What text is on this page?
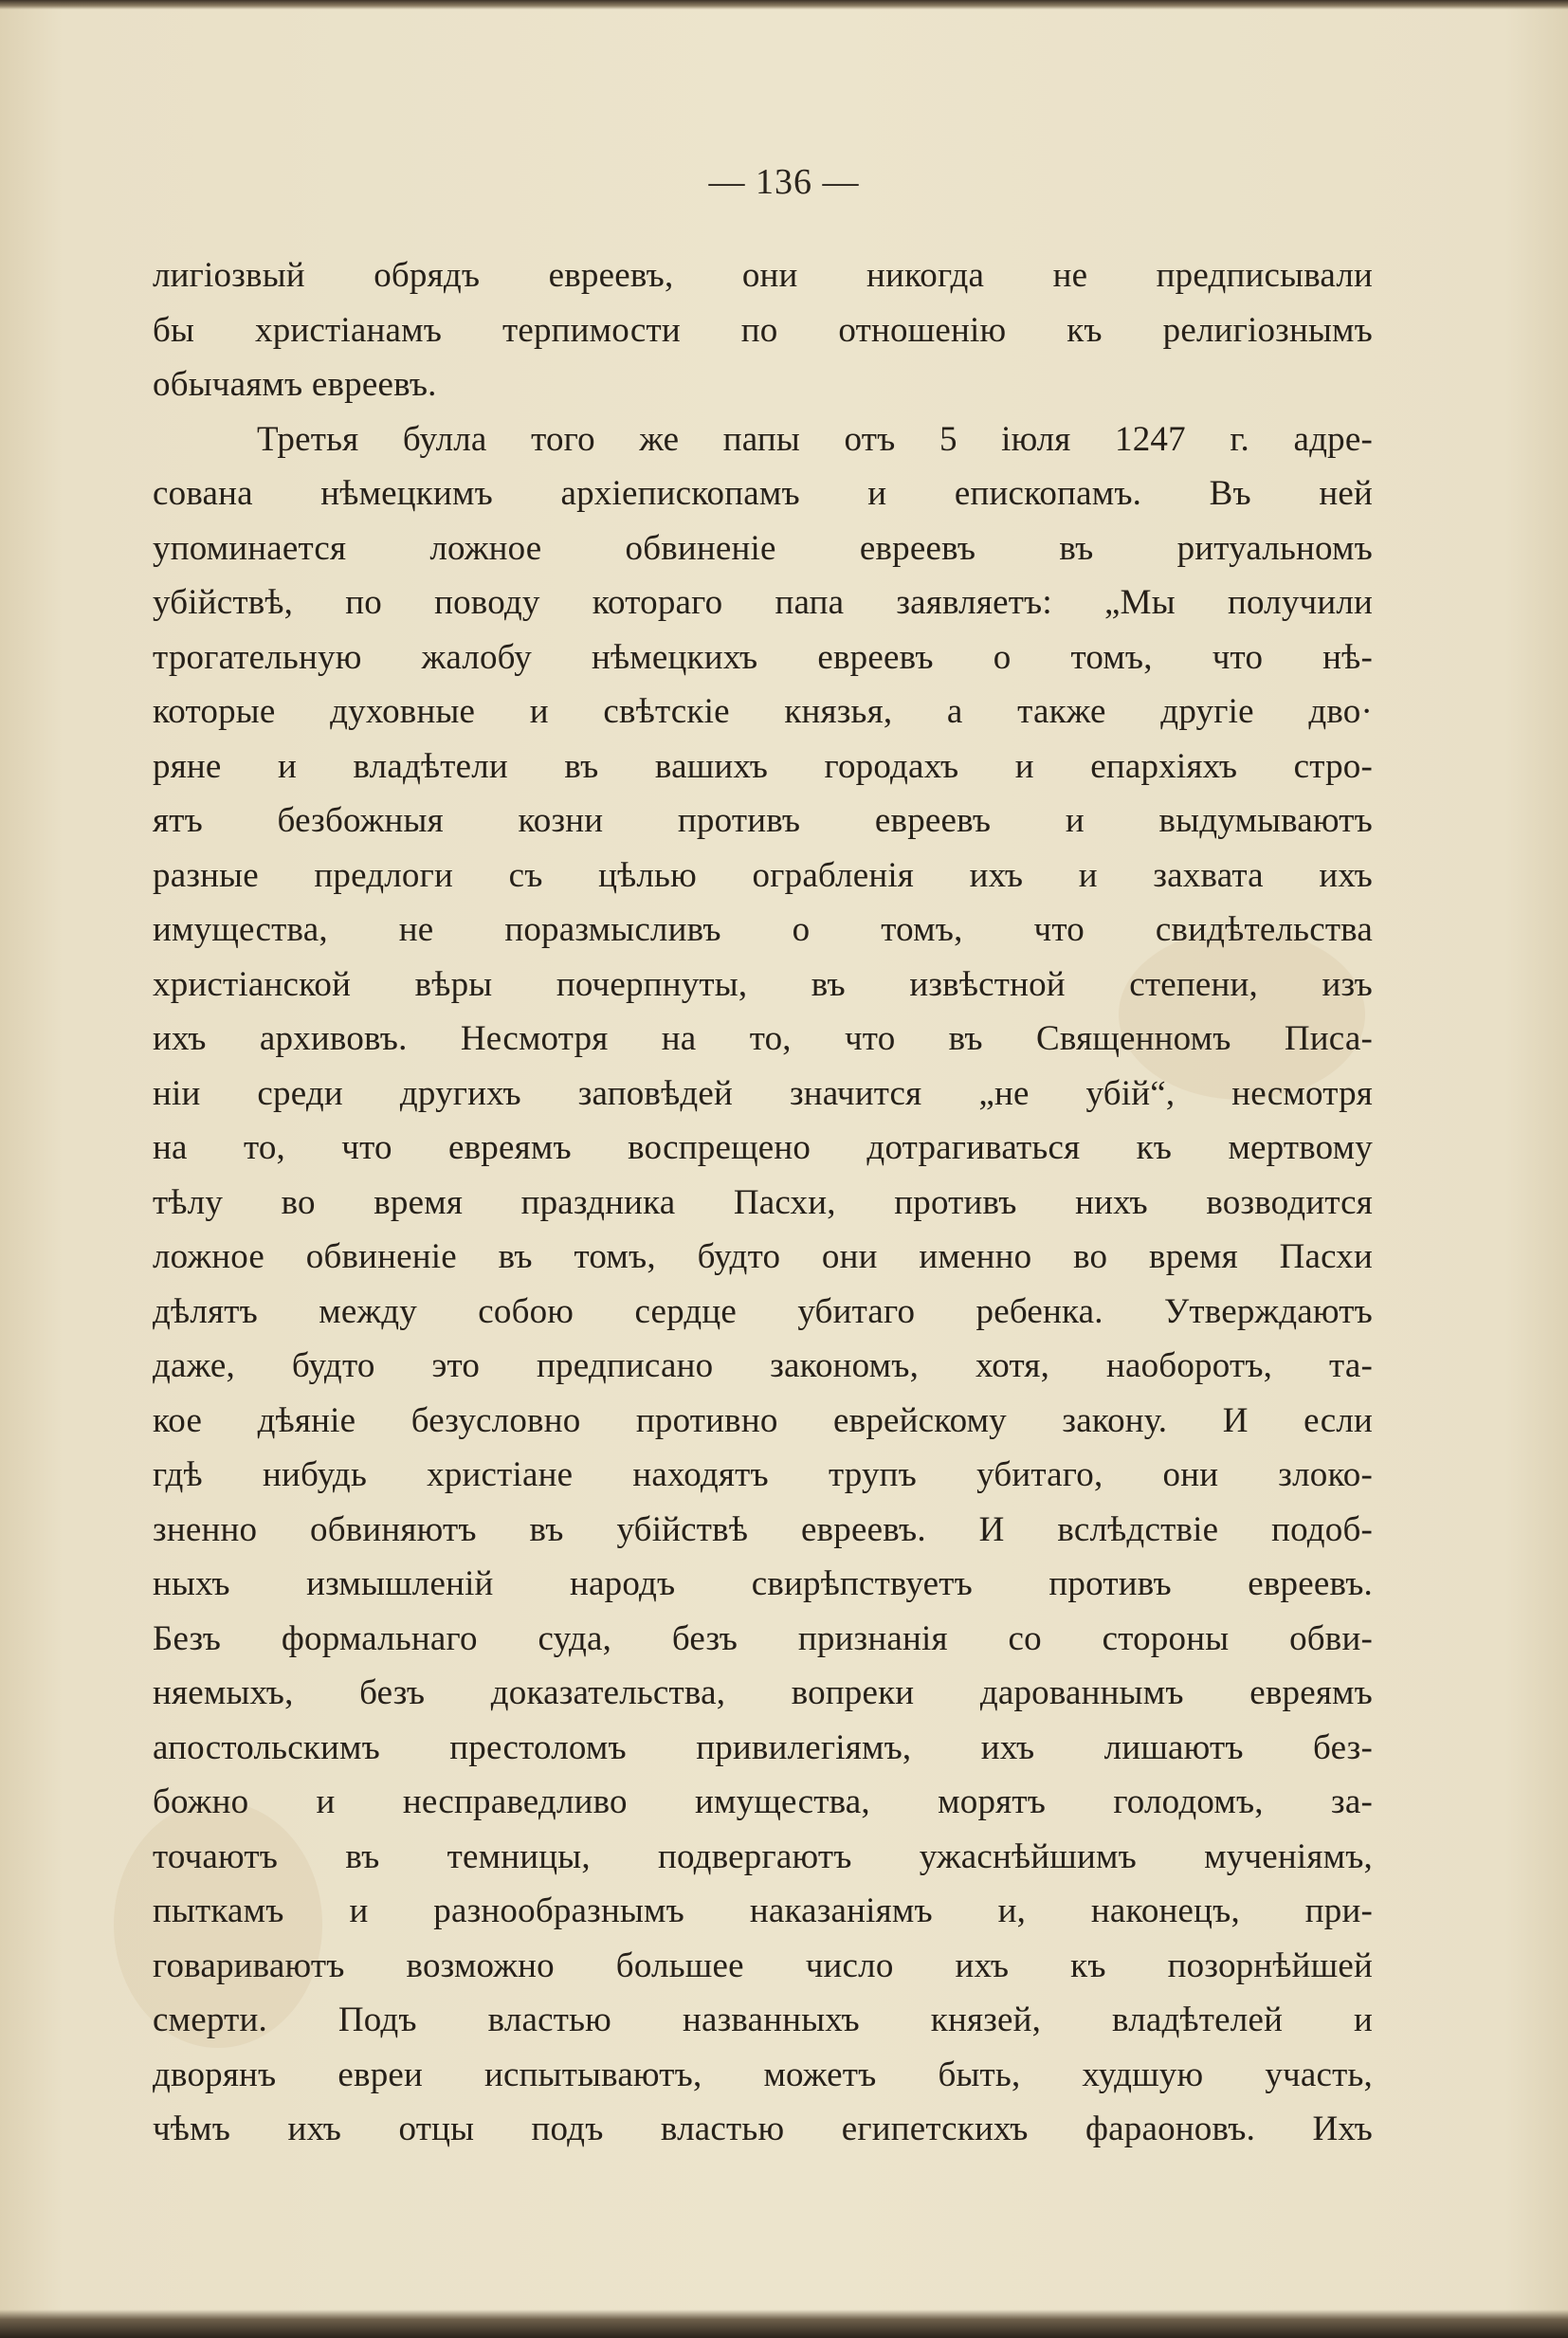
— 136 —
лигіозвый обрядъ евреевъ, они никогда не предписывали
бы христіанамъ терпимости по отношенію къ религіознымъ
обычаямъ евреевъ.
Третья булла того же папы отъ 5 іюля 1247 г. адре-
сована нѣмецкимъ архіепископамъ и епископамъ. Въ ней
упоминается ложное обвиненіе евреевъ въ ритуальномъ
убійствѣ, по поводу котораго папа заявляетъ: „Мы получили
трогательную жалобу нѣмецкихъ евреевъ о томъ, что нѣ-
которые духовные и свѣтскіе князья, а также другіе дво·
ряне и владѣтели въ вашихъ городахъ и епархіяхъ стро-
ятъ безбожныя козни противъ евреевъ и выдумываютъ
разные предлоги съ цѣлью ограбленія ихъ и захвата ихъ
имущества, не поразмысливъ о томъ, что свидѣтельства
христіанской вѣры почерпнуты, въ извѣстной степени, изъ
ихъ архивовъ. Несмотря на то, что въ Священномъ Писа-
ніи среди другихъ заповѣдей значится „не убій“, несмотря
на то, что евреямъ воспрещено дотрагиваться къ мертвому
тѣлу во время праздника Пасхи, противъ нихъ возводится
ложное обвиненіе въ томъ, будто они именно во время Пасхи
дѣлятъ между собою сердце убитаго ребенка. Утверждаютъ
даже, будто это предписано закономъ, хотя, наоборотъ, та-
кое дѣяніе безусловно противно еврейскому закону. И если
гдѣ нибудь христіане находятъ трупъ убитаго, они злоко-
зненно обвиняютъ въ убійствѣ евреевъ. И вслѣдствіе подоб-
ныхъ измышленій народъ свирѣпствуетъ противъ евреевъ.
Безъ формальнаго суда, безъ признанія со стороны обви-
няемыхъ, безъ доказательства, вопреки дарованнымъ евреямъ
апостольскимъ престоломъ привилегіямъ, ихъ лишаютъ без-
божно и несправедливо имущества, морятъ голодомъ, за-
точаютъ въ темницы, подвергаютъ ужаснѣйшимъ мученіямъ,
пыткамъ и разнообразнымъ наказаніямъ и, наконецъ, при-
говариваютъ возможно большее число ихъ къ позорнѣйшей
смерти. Подъ властью названныхъ князей, владѣтелей и
дворянъ евреи испытываютъ, можетъ быть, худшую участь,
чѣмъ ихъ отцы подъ властью египетскихъ фараоновъ. Ихъ
